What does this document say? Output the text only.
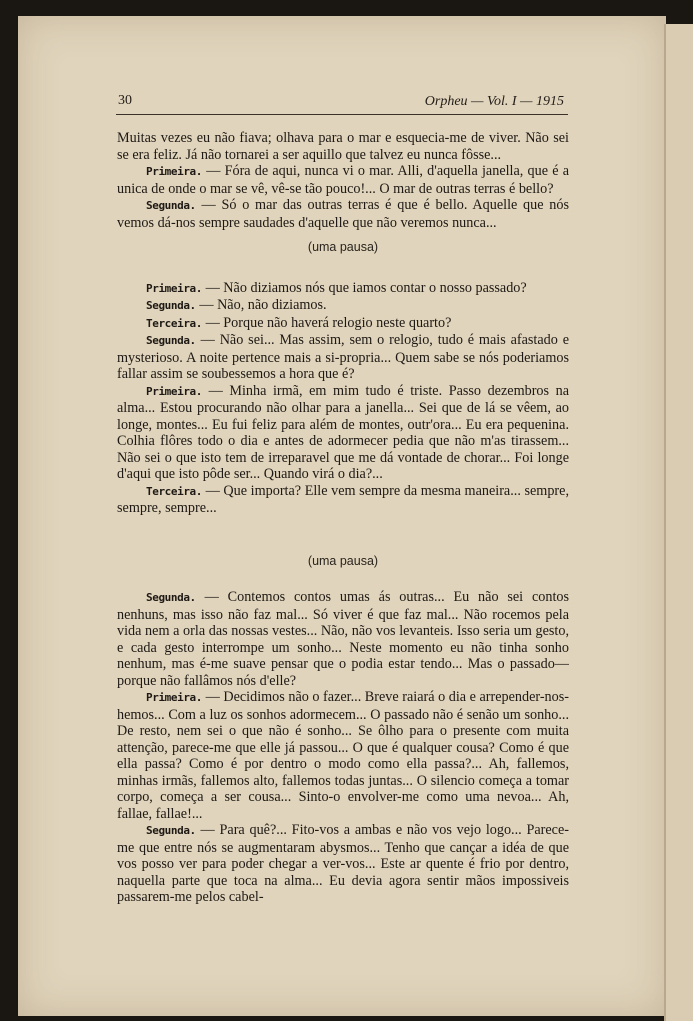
30	Orpheu — Vol. I — 1915

Muitas vezes eu não fiava; olhava para o mar e esquecia-me de viver. Não sei se era feliz. Já não tornarei a ser aquillo que talvez eu nunca fôsse...

Primeira. — Fóra de aqui, nunca vi o mar. Alli, d'aquella janella, que é a unica de onde o mar se vê, vê-se tão pouco!... O mar de outras terras é bello?

Segunda. — Só o mar das outras terras é que é bello. Aquelle que nós vemos dá-nos sempre saudades d'aquelle que não veremos nunca...

(uma pausa)

Primeira. — Não diziamos nós que iamos contar o nosso passado?

Segunda. — Não, não diziamos.

Terceira. — Porque não haverá relogio neste quarto?

Segunda. — Não sei... Mas assim, sem o relogio, tudo é mais afastado e mysterioso. A noite pertence mais a si-propria... Quem sabe se nós poderiamos fallar assim se soubessemos a hora que é?

Primeira. — Minha irmã, em mim tudo é triste. Passo dezembros na alma... Estou procurando não olhar para a janella... Sei que de lá se vêem, ao longe, montes... Eu fui feliz para além de montes, outr'ora... Eu era pequenina. Colhia flôres todo o dia e antes de adormecer pedia que não m'as tirassem... Não sei o que isto tem de irreparavel que me dá vontade de chorar... Foi longe d'aqui que isto pôde ser... Quando virá o dia?...

Terceira. — Que importa? Elle vem sempre da mesma maneira... sempre, sempre, sempre...

(uma pausa)

Segunda. — Contemos contos umas ás outras... Eu não sei contos nenhuns, mas isso não faz mal... Só viver é que faz mal... Não rocemos pela vida nem a orla das nossas vestes... Não, não vos levanteis. Isso seria um gesto, e cada gesto interrompe um sonho... Neste momento eu não tinha sonho nenhum, mas é-me suave pensar que o podia estar tendo... Mas o passado—porque não fallâmos nós d'elle?

Primeira. — Decidimos não o fazer... Breve raiará o dia e arrepender-nos-hemos... Com a luz os sonhos adormecem... O passado não é senão um sonho... De resto, nem sei o que não é sonho... Se ôlho para o presente com muita attenção, parece-me que elle já passou... O que é qualquer cousa? Como é que ella passa? Como é por dentro o modo como ella passa?... Ah, fallemos, minhas irmãs, fallemos alto, fallemos todas juntas... O silencio começa a tomar corpo, começa a ser cousa... Sinto-o envolver-me como uma nevoa... Ah, fallae, fallae!...

Segunda. — Para quê?... Fito-vos a ambas e não vos vejo logo... Parece-me que entre nós se augmentaram abysmos... Tenho que cançar a idéa de que vos posso ver para poder chegar a ver-vos... Este ar quente é frio por dentro, naquella parte que toca na alma... Eu devia agora sentir mãos impossiveis passarem-me pelos cabel-
